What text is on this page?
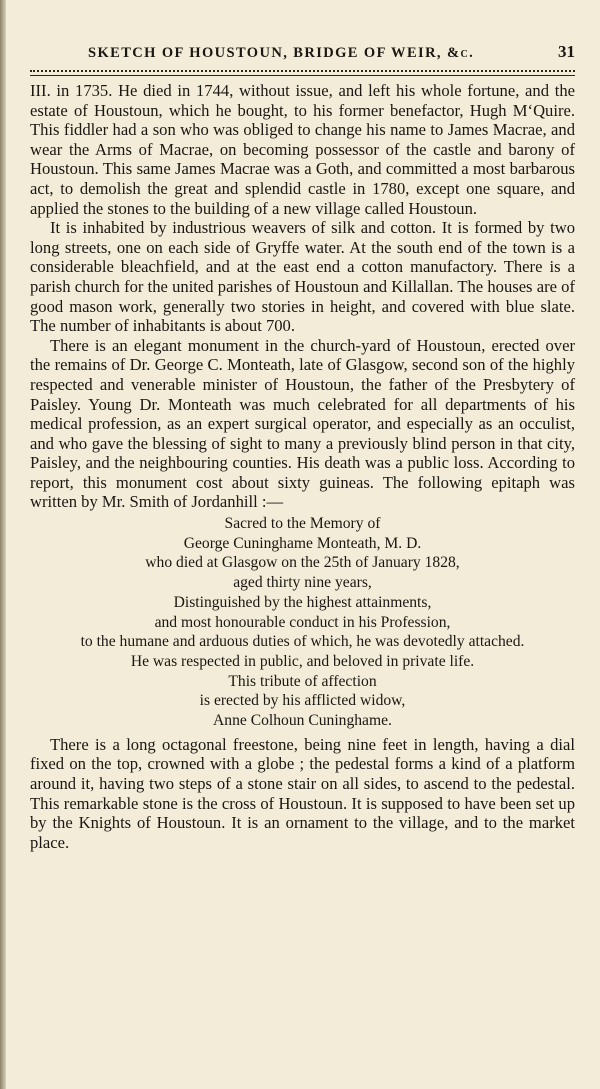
SKETCH OF HOUSTOUN, BRIDGE OF WEIR, &c.	31

III. in 1735. He died in 1744, without issue, and left his whole fortune, and the estate of Houstoun, which he bought, to his former benefactor, Hugh M‘Quire. This fiddler had a son who was obliged to change his name to James Macrae, and wear the Arms of Macrae, on becoming possessor of the castle and barony of Houstoun. This same James Macrae was a Goth, and committed a most barbarous act, to demolish the great and splendid castle in 1780, except one square, and applied the stones to the building of a new village called Houstoun.

It is inhabited by industrious weavers of silk and cotton. It is formed by two long streets, one on each side of Gryffe water. At the south end of the town is a considerable bleachfield, and at the east end a cotton manufactory. There is a parish church for the united parishes of Houstoun and Killallan. The houses are of good mason work, generally two stories in height, and covered with blue slate. The number of inhabitants is about 700.

There is an elegant monument in the church-yard of Houstoun, erected over the remains of Dr. George C. Monteath, late of Glasgow, second son of the highly respected and venerable minister of Houstoun, the father of the Presbytery of Paisley. Young Dr. Monteath was much celebrated for all departments of his medical profession, as an expert surgical operator, and especially as an occulist, and who gave the blessing of sight to many a previously blind person in that city, Paisley, and the neighbouring counties. His death was a public loss. According to report, this monument cost about sixty guineas. The following epitaph was written by Mr. Smith of Jordanhill :—

Sacred to the Memory of
George Cuninghame Monteath, M. D.
who died at Glasgow on the 25th of January 1828,
aged thirty nine years,
Distinguished by the highest attainments,
and most honourable conduct in his Profession,
to the humane and arduous duties of which, he was devotedly attached.
He was respected in public, and beloved in private life.
This tribute of affection
is erected by his afflicted widow,
Anne Colhoun Cuninghame.

There is a long octagonal freestone, being nine feet in length, having a dial fixed on the top, crowned with a globe ; the pedestal forms a kind of a platform around it, having two steps of a stone stair on all sides, to ascend to the pedestal. This remarkable stone is the cross of Houstoun. It is supposed to have been set up by the Knights of Houstoun. It is an ornament to the village, and to the market place.
